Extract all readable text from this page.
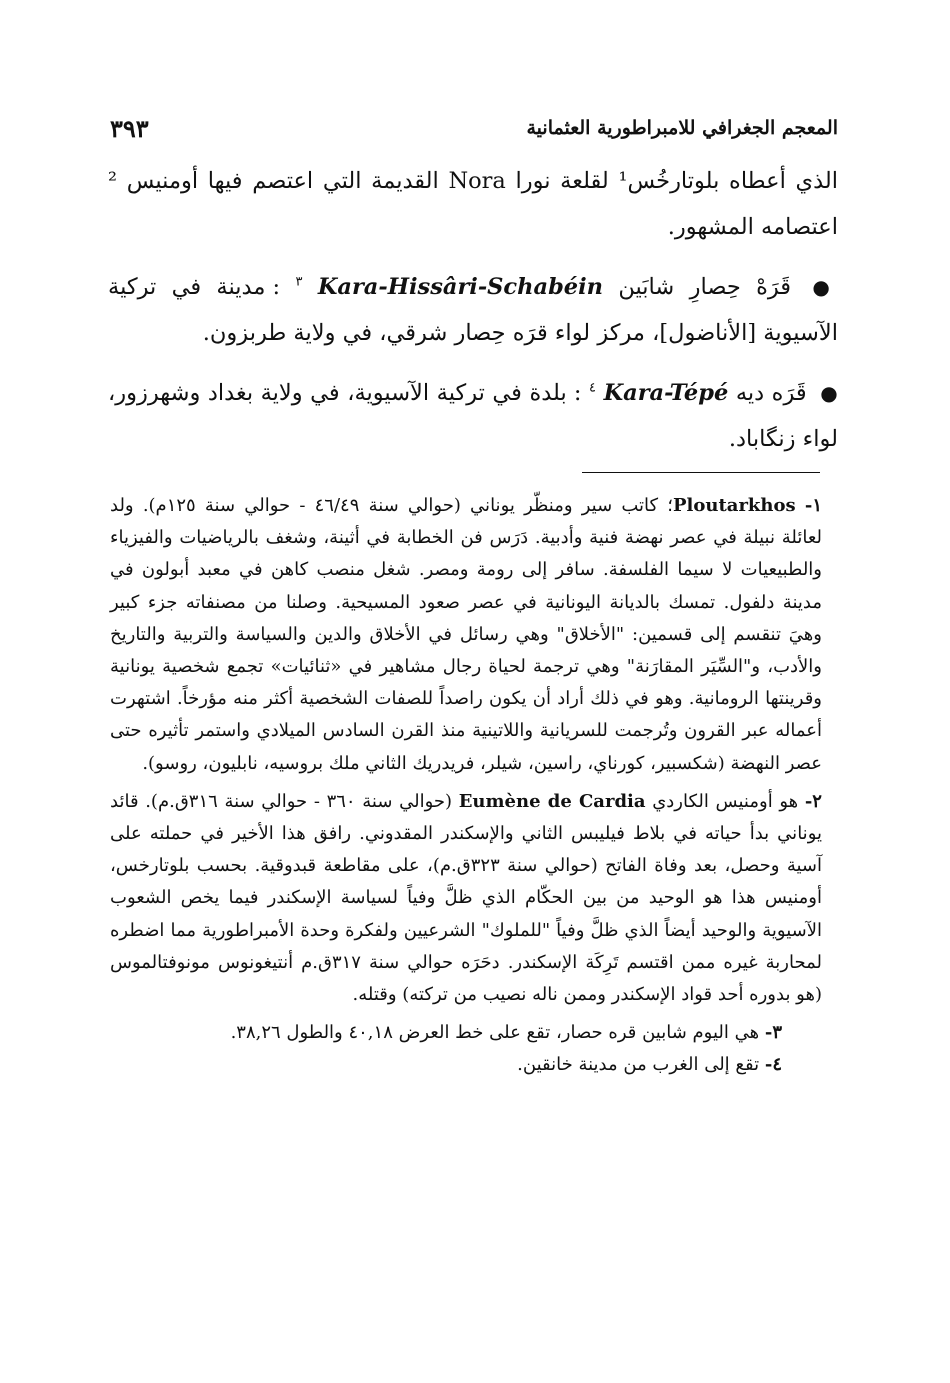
المعجم الجغرافي للامبراطورية العثمانية
٣٩٣

الذي أعطاه بلوتارخُس¹ لقلعة نورا Nora القديمة التي اعتصم فيها أومنيس ² اعتصامه المشهور.

● قَرَهْ حِصارِ شابَين Kara-Hissâri-Schabéin $^٣$ : مدينة في تركية الآسيوية [الأناضول]، مركز لواء قرَه حِصار شرقي، في ولاية طربزون.

● قَرَه ديه Kara-Tépé $^٤$ : بلدة في تركية الآسيوية، في ولاية بغداد وشهرزور، لواء زنگاباد.

١- Ploutarkhos؛ كاتب سير ومنظّر يوناني (حوالي سنة ٤٦/٤٩ - حوالي سنة ١٢٥م). ولد لعائلة نبيلة في عصر نهضة فنية وأدبية. دَرَس فن الخطابة في أثينة، وشغف بالرياضيات والفيزياء والطبيعيات لا سيما الفلسفة. سافر إلى رومة ومصر. شغل منصب كاهن في معبد أبولون في مدينة دلفول. تمسك بالديانة اليونانية في عصر صعود المسيحية. وصلنا من مصنفاته جزء كبير وهيَ تنقسم إلى قسمين: "الأخلاق" وهي رسائل في الأخلاق والدين والسياسة والتربية والتاريخ والأدب، و"السِّيَر المقارَنة" وهي ترجمة لحياة رجال مشاهير في «ثنائيات» تجمع شخصية يونانية وقرينتها الرومانية. وهو في ذلك أراد أن يكون راصداً للصفات الشخصية أكثر منه مؤرخاً. اشتهرت أعماله عبر القرون وتُرجمت للسريانية واللاتينية منذ القرن السادس الميلادي واستمر تأثيره حتى عصر النهضة (شكسبير، كورناي، راسين، شيلر، فريدريك الثاني ملك بروسيه، نابليون، روسو).

٢- هو أومنيس الكاردي Eumène de Cardia (حوالي سنة ٣٦٠ - حوالي سنة ٣١٦ق.م). قائد يوناني بدأ حياته في بلاط فيليبس الثاني والإسكندر المقدوني. رافق هذا الأخير في حملته على آسية وحصل، بعد وفاة الفاتح (حوالي سنة ٣٢٣ق.م)، على مقاطعة قبدوقية. بحسب بلوتارخس، أومنيس هذا هو الوحيد من بين الحكّام الذي ظلَّ وفياً لسياسة الإسكندر فيما يخص الشعوب الآسيوية والوحيد أيضاً الذي ظلَّ وفياً "للملوك" الشرعيين ولفكرة وحدة الأمبراطورية مما اضطره لمحاربة غيره ممن اقتسم تَرِكَة الإسكندر. دحَرَه حوالي سنة ٣١٧ق.م أنتيغونوس مونوفتالموس (هو بدوره أحد قواد الإسكندر وممن ناله نصيب من تركته) وقتله.

٣- هي اليوم شابين قره حصار، تقع على خط العرض ٤٠,١٨ والطول ٣٨,٢٦.

٤- تقع إلى الغرب من مدينة خانقين.
